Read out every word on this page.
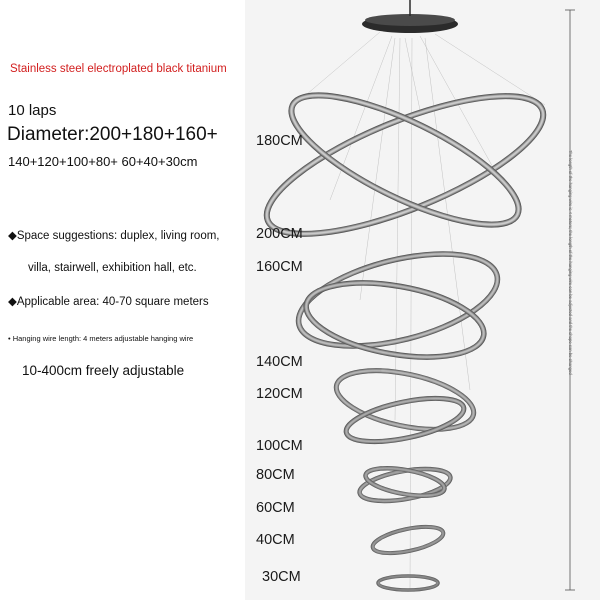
Stainless steel electroplated black titanium
10 laps
Diameter:200+180+160+
140+120+100+80+ 60+40+30cm
◆Space suggestions: duplex, living room,
villa, stairwell, exhibition hall, etc.
◆Applicable area: 40-70 square meters
• Hanging wire length: 4 meters adjustable hanging wire
10-400cm freely adjustable	The length of the hanging wire is 4 meters; the length of the hanging wire can be adjusted and the shape can be changed
180CM
200CM
160CM
140CM
120CM
100CM
80CM
60CM
40CM
30CM
